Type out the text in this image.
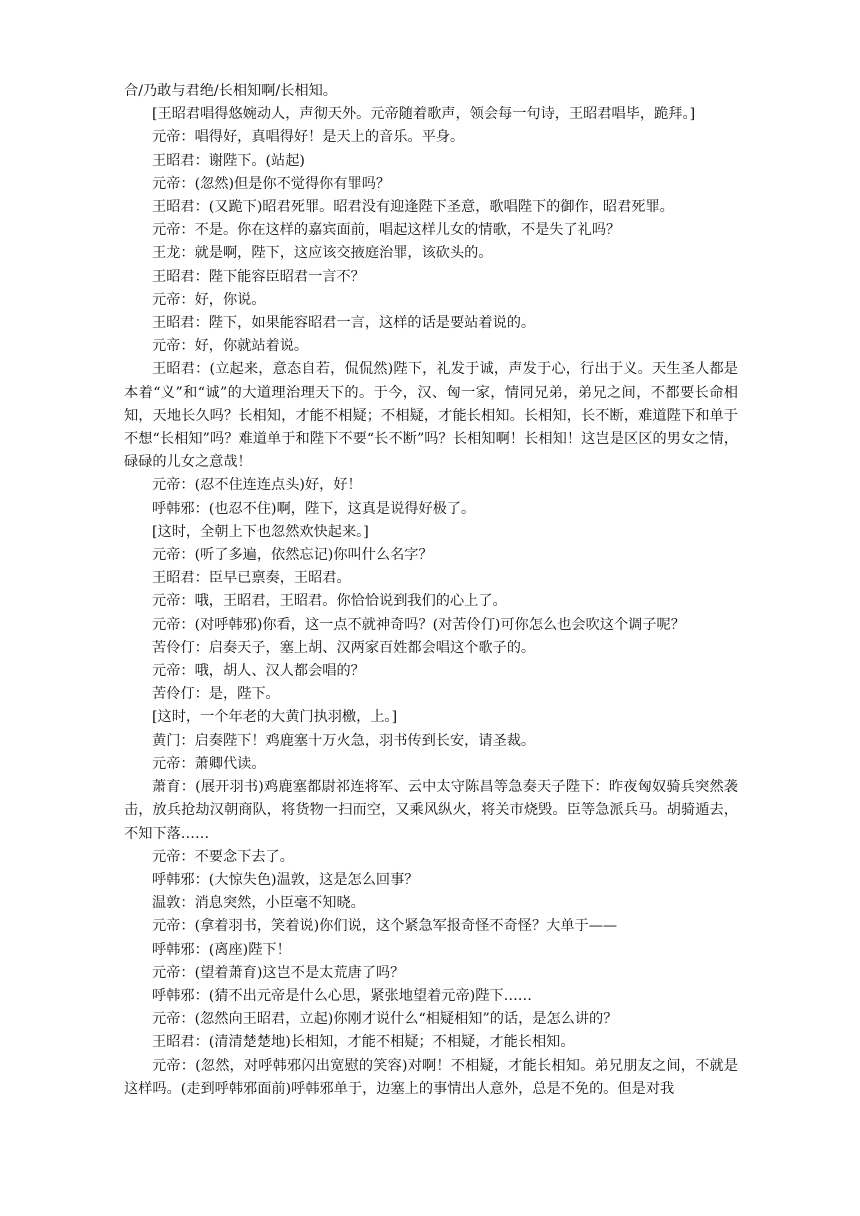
合/乃敢与君绝/长相知啊/长相知。

[王昭君唱得悠婉动人，声彻天外。元帝随着歌声，领会每一句诗，王昭君唱毕，跪拜。]

元帝：唱得好，真唱得好！是天上的音乐。平身。

王昭君：谢陛下。(站起)

元帝：(忽然)但是你不觉得你有罪吗？

王昭君：(又跪下)昭君死罪。昭君没有迎逢陛下圣意，歌唱陛下的御作，昭君死罪。

元帝：不是。你在这样的嘉宾面前，唱起这样儿女的情歌，不是失了礼吗？

王龙：就是啊，陛下，这应该交掖庭治罪，该砍头的。

王昭君：陛下能容臣昭君一言不？

元帝：好，你说。

王昭君：陛下，如果能容昭君一言，这样的话是要站着说的。

元帝：好，你就站着说。

王昭君：(立起来，意态自若，侃侃然)陛下，礼发于诚，声发于心，行出于义。天生圣人都是本着“义”和“诚”的大道理治理天下的。于今，汉、匈一家，情同兄弟，弟兄之间，不都要长命相知，天地长久吗？长相知，才能不相疑；不相疑，才能长相知。长相知，长不断，难道陛下和单于不想“长相知”吗？难道单于和陛下不要“长不断”吗？长相知啊！长相知！这岂是区区的男女之情，碌碌的儿女之意哉！

元帝：(忍不住连连点头)好，好！

呼韩邪：(也忍不住)啊，陛下，这真是说得好极了。

[这时，全朝上下也忽然欢快起来。]

元帝：(听了多遍，依然忘记)你叫什么名字？

王昭君：臣早已禀奏，王昭君。

元帝：哦，王昭君，王昭君。你恰恰说到我们的心上了。

元帝：(对呼韩邪)你看，这一点不就神奇吗？(对苦伶仃)可你怎么也会吹这个调子呢？

苦伶仃：启奏天子，塞上胡、汉两家百姓都会唱这个歌子的。

元帝：哦，胡人、汉人都会唱的？

苦伶仃：是，陛下。

[这时，一个年老的大黄门执羽檄，上。]

黄门：启奏陛下！鸡鹿塞十万火急，羽书传到长安，请圣裁。

元帝：萧卿代读。

萧育：(展开羽书)鸡鹿塞都尉祁连将军、云中太守陈昌等急奏天子陛下：昨夜匈奴骑兵突然袭击，放兵抢劫汉朝商队，将货物一扫而空，又乘风纵火，将关市烧毁。臣等急派兵马。胡骑遁去，不知下落……

元帝：不要念下去了。

呼韩邪：(大惊失色)温敦，这是怎么回事？

温敦：消息突然，小臣毫不知晓。

元帝：(拿着羽书，笑着说)你们说，这个紧急军报奇怪不奇怪？大单于——

呼韩邪：(离座)陛下！

元帝：(望着萧育)这岂不是太荒唐了吗？

呼韩邪：(猜不出元帝是什么心思，紧张地望着元帝)陛下……

元帝：(忽然向王昭君，立起)你刚才说什么“相疑相知”的话，是怎么讲的？

王昭君：(清清楚楚地)长相知，才能不相疑；不相疑，才能长相知。

元帝：(忽然，对呼韩邪闪出宽慰的笑容)对啊！不相疑，才能长相知。弟兄朋友之间，不就是这样吗。(走到呼韩邪面前)呼韩邪单于，边塞上的事情出人意外，总是不免的。但是对我
